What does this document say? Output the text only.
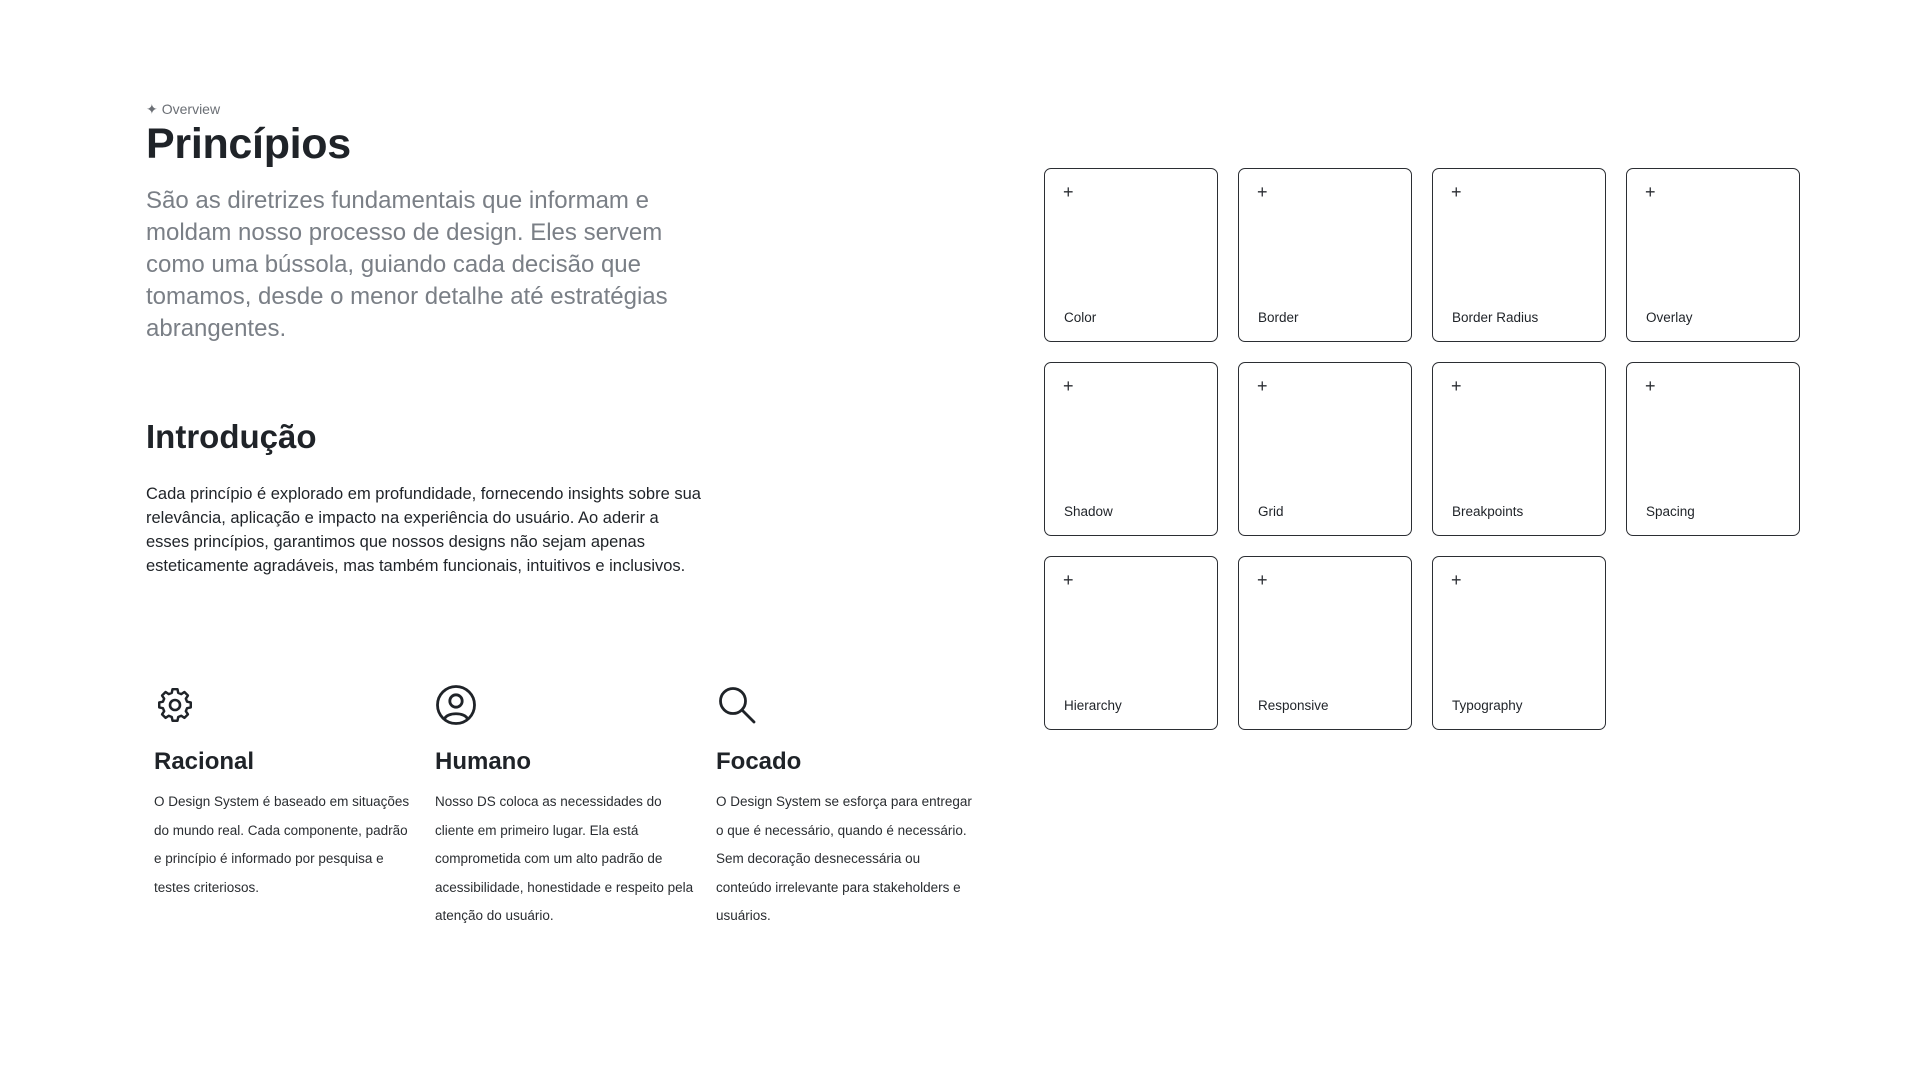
✦ Overview
Princípios

São as diretrizes fundamentais que informam e moldam nosso processo de design. Eles servem como uma bússola, guiando cada decisão que tomamos, desde o menor detalhe até estratégias abrangentes.

Introdução

Cada princípio é explorado em profundidade, fornecendo insights sobre sua relevância, aplicação e impacto na experiência do usuário. Ao aderir a esses princípios, garantimos que nossos designs não sejam apenas esteticamente agradáveis, mas também funcionais, intuitivos e inclusivos.

Racional
O Design System é baseado em situações do mundo real. Cada componente, padrão e princípio é informado por pesquisa e testes criteriosos.
Humano
Nosso DS coloca as necessidades do cliente em primeiro lugar. Ela está comprometida com um alto padrão de acessibilidade, honestidade e respeito pela atenção do usuário.
Focado
O Design System se esforça para entregar o que é necessário, quando é necessário. Sem decoração desnecessária ou conteúdo irrelevante para stakeholders e usuários.
+
Color
+
Border
+
Border Radius
+
Overlay
+
Shadow
+
Grid
+
Breakpoints
+
Spacing
+
Hierarchy
+
Responsive
+
Typography
